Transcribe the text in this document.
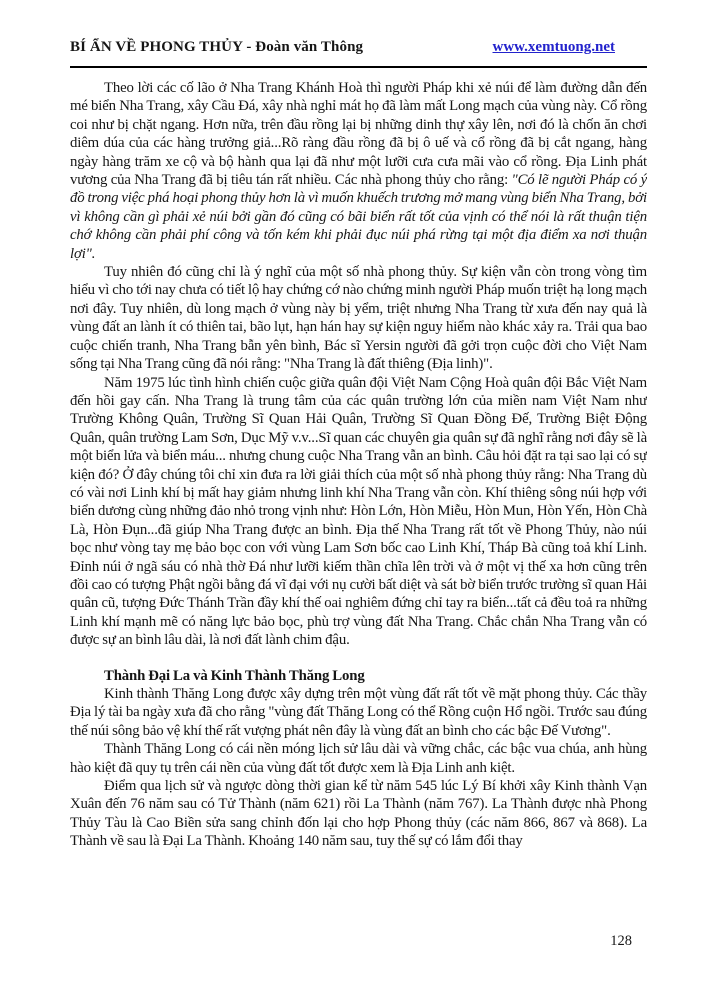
BÍ ẨN VỀ PHONG THỦY - Đoàn văn Thông	www.xemtuong.net

Theo lời các cố lão ở Nha Trang Khánh Hoà thì người Pháp khi xẻ núi để làm đường dẫn đến mé biển Nha Trang, xây Cầu Đá, xây nhà nghỉ mát họ đã làm mất Long mạch của vùng này. Cổ rồng coi như bị chặt ngang. Hơn nữa, trên đầu rồng lại bị những dinh thự xây lên, nơi đó là chốn ăn chơi diêm dúa của các hàng trưởng giả...Rõ ràng đầu rồng đã bị ô uế và cổ rồng đã bị cắt ngang, hàng ngày hàng trăm xe cộ và bộ hành qua lại đã như một lưỡi cưa cưa mãi vào cổ rồng. Địa Linh phát vương của Nha Trang đã bị tiêu tán rất nhiều. Các nhà phong thủy cho rằng: "Có lẽ người Pháp có ý đồ trong việc phá hoại phong thủy hơn là vì muốn khuếch trương mở mang vùng biển Nha Trang, bởi vì không cần gì phải xẻ núi bởi gần đó cũng có bãi biển rất tốt của vịnh có thể nói là rất thuận tiện chớ không cần phải phí công và tốn kém khi phải đục núi phá rừng tại một địa điểm xa nơi thuận lợi".

Tuy nhiên đó cũng chỉ là ý nghĩ của một số nhà phong thủy. Sự kiện vẫn còn trong vòng tìm hiểu vì cho tới nay chưa có tiết lộ hay chứng cớ nào chứng minh người Pháp muốn triệt hạ long mạch nơi đây. Tuy nhiên, dù long mạch ở vùng này bị yểm, triệt nhưng Nha Trang từ xưa đến nay quả là vùng đất an lành ít có thiên tai, bão lụt, hạn hán hay sự kiện nguy hiểm nào khác xảy ra. Trải qua bao cuộc chiến tranh, Nha Trang bẫn yên bình, Bác sĩ Yersin người đã gởi trọn cuộc đời cho Việt Nam sống tại Nha Trang cũng đã nói rằng: "Nha Trang là đất thiêng (Địa linh)".

Năm 1975 lúc tình hình chiến cuộc giữa quân đội Việt Nam Cộng Hoà quân đội Bắc Việt Nam đến hồi gay cấn. Nha Trang là trung tâm của các quân trường lớn của miền nam Việt Nam như Trường Không Quân, Trường Sĩ Quan Hải Quân, Trường Sĩ Quan Đồng Đế, Trường Biệt Động Quân, quân trường Lam Sơn, Dục Mỹ v.v...Sĩ quan các chuyên gia quân sự đã nghĩ rằng nơi đây sẽ là một biển lửa và biển máu... nhưng chung cuộc Nha Trang vẫn an bình. Câu hỏi đặt ra tại sao lại có sự kiện đó? Ở đây chúng tôi chỉ xin đưa ra lời giải thích của một số nhà phong thủy rằng: Nha Trang dù có vài nơi Linh khí bị mất hay giảm nhưng linh khí Nha Trang vẫn còn. Khí thiêng sông núi hợp với biển dương cùng những đảo nhỏ trong vịnh như: Hòn Lớn, Hòn Miễu, Hòn Mun, Hòn Yến, Hòn Chà Là, Hòn Đụn...đã giúp Nha Trang được an bình. Địa thế Nha Trang rất tốt về Phong Thủy, nào núi bọc như vòng tay mẹ bảo bọc con với vùng Lam Sơn bốc cao Linh Khí, Tháp Bà cũng toả khí Linh. Đỉnh núi ở ngã sáu có nhà thờ Đá như lưỡi kiếm thần chĩa lên trời và ở một vị thế xa hơn cũng trên đồi cao có tượng Phật ngồi bằng đá vĩ đại với nụ cười bất diệt và sát bờ biển trước trường sĩ quan Hải quân cũ, tượng Đức Thánh Trần đầy khí thế oai nghiêm đứng chỉ tay ra biển...tất cả đều toả ra những Linh khí mạnh mẽ có năng lực bảo bọc, phù trợ vùng đất Nha Trang. Chắc chắn Nha Trang vẫn có được sự an bình lâu dài, là nơi đất lành chim đậu.

Thành Đại La và Kinh Thành Thăng Long

Kinh thành Thăng Long được xây dựng trên một vùng đất rất tốt về mặt phong thủy. Các thầy Địa lý tài ba ngày xưa đã cho rằng "vùng đất Thăng Long có thể Rồng cuộn Hổ ngồi. Trước sau đúng thế núi sông bảo vệ khí thế rất vượng phát nên đây là vùng đất an bình cho các bậc Đế Vương".

Thành Thăng Long có cái nền móng lịch sử lâu dài và vững chắc, các bậc vua chúa, anh hùng hào kiệt đã quy tụ trên cái nền của vùng đất tốt được xem là Địa Linh anh kiệt.

Điểm qua lịch sử và ngược dòng thời gian kể từ năm 545 lúc Lý Bí khởi xây Kinh thành Vạn Xuân đến 76 năm sau có Tử Thành (năm 621) rồi La Thành (năm 767). La Thành được nhà Phong Thủy Tàu là Cao Biền sửa sang chỉnh đốn lại cho hợp Phong thủy (các năm 866, 867 và 868). La Thành về sau là Đại La Thành. Khoảng 140 năm sau, tuy thế sự có lắm đổi thay

128
